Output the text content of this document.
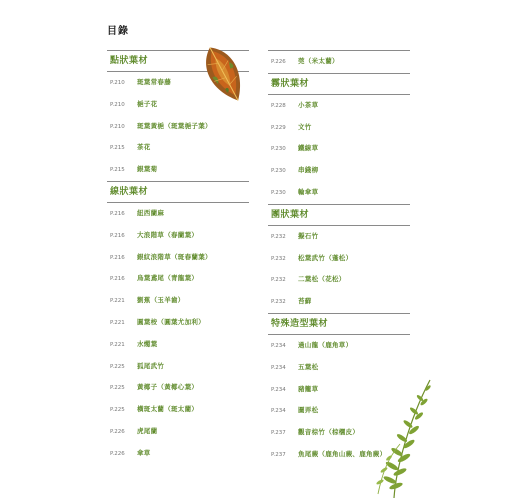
目錄
點狀葉材
P.210 斑葉常春藤
P.210 梔子花
P.210 斑葉黃梔（斑葉梔子葉）
P.215 茶花
P.215 銀葉菊
線狀葉材
P.216 紐西蘭麻
P.216 大浪階草（春蘭葉）
P.216 銀紋浪階草（斑春蘭葉）
P.216 烏葉鳶尾（青龍葉）
P.221 劉蕉（玉羊齒）
P.221 圓葉桉（圓葉尤加利）
P.221 水燭葉
P.225 狐尾武竹
P.225 黃椰子（黃椰心葉）
P.225 橫斑太藺（斑太藺）
P.226 虎尾蘭
P.226 傘草
P.226 莞（米太藺）
霧狀葉材
P.228 小茶草
P.229 文竹
P.230 鐵線草
P.230 串錢柳
P.230 輪傘草
團狀葉材
P.232 擬石竹
P.232 松葉武竹（蓬松）
P.232 二葉松（花松）
P.232 苔蘚
特殊造型葉材
P.234 過山龍（鹿角草）
P.234 五葉松
P.234 豬籠草
P.234 圖弄松
P.237 觀音棕竹（棕櫚皮）
P.237 魚尾蕨（鹿角山蕨、鹿角蕨）
